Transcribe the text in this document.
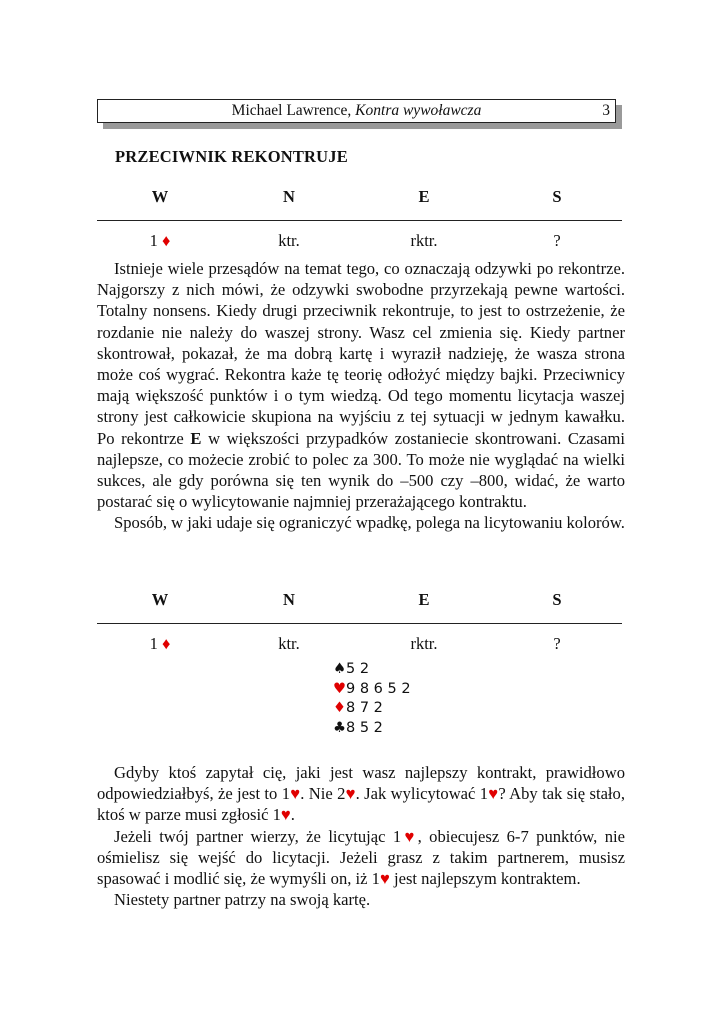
Michael Lawrence, Kontra wywoławcza	3
PRZECIWNIK REKONTRUJE
W	N	E	S
1 ♦	ktr.	rktr.	?

Istnieje wiele przesądów na temat tego, co oznaczają odzywki po rekontrze. Najgorszy z nich mówi, że odzywki swobodne przyrzekają pewne wartości. Totalny nonsens. Kiedy drugi przeciwnik rekontruje, to jest to ostrzeżenie, że rozdanie nie należy do waszej strony. Wasz cel zmienia się. Kiedy partner skontrował, pokazał, że ma dobrą kartę i wyraził nadzieję, że wasza strona może coś wygrać. Rekontra każe tę teorię odłożyć między bajki. Przeciwnicy mają większość punktów i o tym wiedzą. Od tego momentu licytacja waszej strony jest całkowicie skupiona na wyjściu z tej sytuacji w jednym kawałku. Po rekontrze E w większości przypadków zostaniecie skontrowani. Czasami najlepsze, co możecie zrobić to polec za 300. To może nie wyglądać na wielki sukces, ale gdy porówna się ten wynik do –500 czy –800, widać, że warto postarać się o wylicytowanie najmniej przerażającego kontraktu.

Sposób, w jaki udaje się ograniczyć wpadkę, polega na licytowaniu kolorów.

W	N	E	S
1 ♦	ktr.	rktr.	?
♠5 2
♥9 8 6 5 2
♦8 7 2
♣8 5 2

Gdyby ktoś zapytał cię, jaki jest wasz najlepszy kontrakt, prawidłowo odpowiedziałbyś, że jest to 1♥. Nie 2♥. Jak wylicytować 1♥? Aby tak się stało, ktoś w parze musi zgłosić 1♥.

Jeżeli twój partner wierzy, że licytując 1♥, obiecujesz 6-7 punktów, nie ośmielisz się wejść do licytacji. Jeżeli grasz z takim partnerem, musisz spasować i modlić się, że wymyśli on, iż 1♥ jest najlepszym kontraktem.

Niestety partner patrzy na swoją kartę.
